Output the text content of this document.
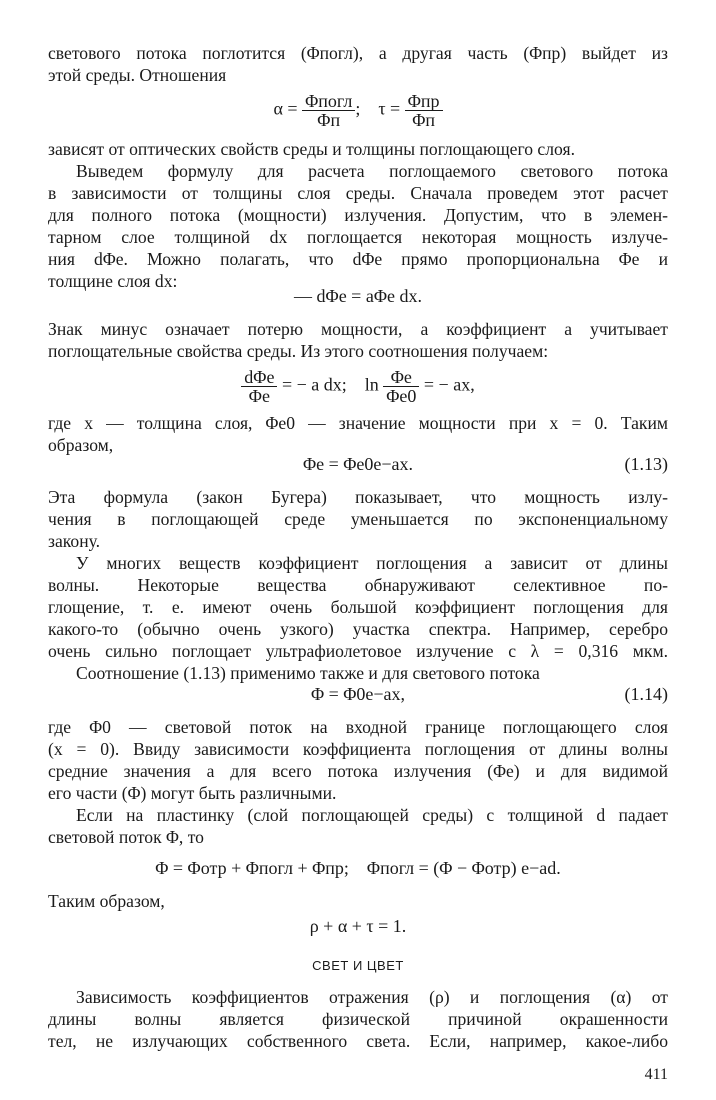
светового потока поглотится (Φпогл), а другая часть (Φпр) выйдет из
этой среды. Отношения
$\alpha = \frac{\text{Φпогл}}{\Phi п}$ ;    $\tau = \frac{\text{Φпр}}{\Phi п}$
зависят от оптических свойств среды и толщины поглощающего слоя.
Выведем формулу для расчета поглощаемого светового потока
в зависимости от толщины слоя среды. Сначала проведем этот расчет
для полного потока (мощности) излучения. Допустим, что в элемен-
тарном слое толщиной dx поглощается некоторая мощность излуче-
ния dΦe. Можно полагать, что dΦe прямо пропорциональна Φe и
толщине слоя dx:
— dΦe = aΦe dx.
Знак минус означает потерю мощности, а коэффициент a учитывает
поглощательные свойства среды. Из этого соотношения получаем:
$\frac{\text{dΦe}}{\Phi e}$ = − a dx; $\ln \frac{\Phi e}{\Phi e0}$ = − ax,
где x — толщина слоя, Φe0 — значение мощности при x = 0. Таким
образом,
Φe = Φe0e−ax.	(1.13)
Эта формула (закон Бугера) показывает, что мощность излу-
чения в поглощающей среде уменьшается по экспоненциальному
закону.
У многих веществ коэффициент поглощения a зависит от длины
волны. Некоторые вещества обнаруживают селективное по-
глощение, т. е. имеют очень большой коэффициент поглощения для
какого-то (обычно очень узкого) участка спектра. Например, серебро
очень сильно поглощает ультрафиолетовое излучение с λ = 0,316 мкм.
Соотношение (1.13) применимо также и для светового потока
Φ = Φ0e−ax,	(1.14)
где Φ0 — световой поток на входной границе поглощающего слоя
(x = 0). Ввиду зависимости коэффициента поглощения от длины волны
средние значения a для всего потока излучения (Φe) и для видимой
его части (Φ) могут быть различными.
Если на пластинку (слой поглощающей среды) с толщиной d падает
световой поток Φ, то
Φ = Φотр + Φпогл + Φпр; Φпогл = (Φ − Φотр) e−ad.
Таким образом,
ρ + α + τ = 1.
СВЕТ И ЦВЕТ
Зависимость коэффициентов отражения (ρ) и поглощения (α) от
длины волны является физической причиной окрашенности
тел, не излучающих собственного света. Если, например, какое-либо
411
